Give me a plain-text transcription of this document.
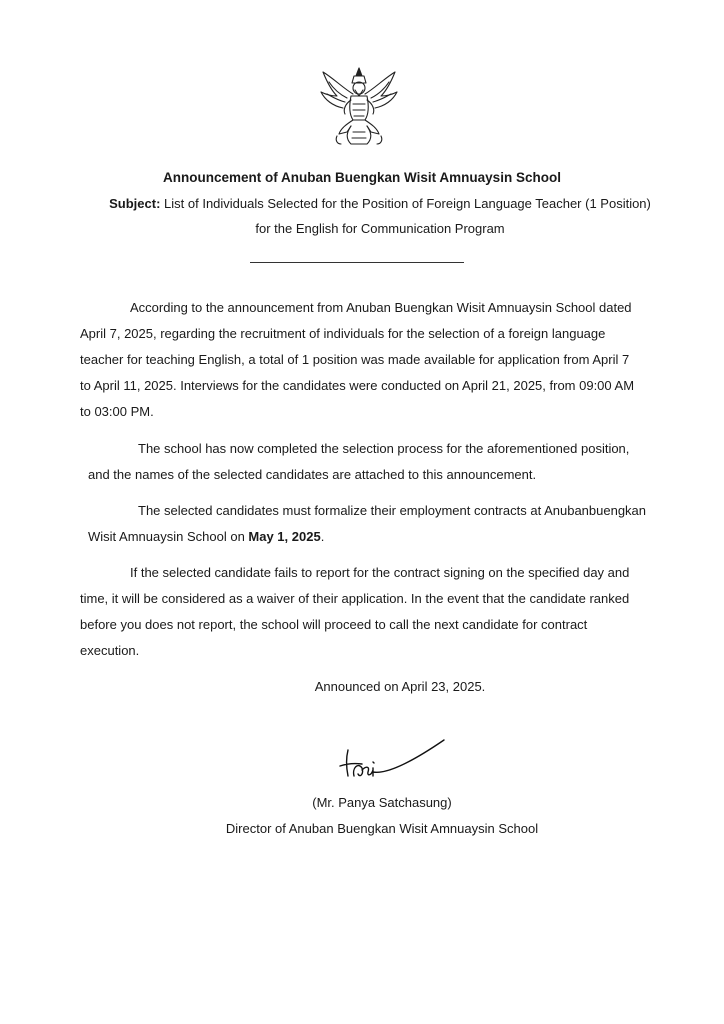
Announcement of Anuban Buengkan Wisit Amnuaysin School
Subject: List of Individuals Selected for the Position of Foreign Language Teacher (1 Position)
for the English for Communication Program

According to the announcement from Anuban Buengkan Wisit Amnuaysin School dated April 7, 2025, regarding the recruitment of individuals for the selection of a foreign language teacher for teaching English, a total of 1 position was made available for application from April 7 to April 11, 2025. Interviews for the candidates were conducted on April 21, 2025, from 09:00 AM to 03:00 PM.

The school has now completed the selection process for the aforementioned position, and the names of the selected candidates are attached to this announcement.

The selected candidates must formalize their employment contracts at Anubanbuengkan Wisit Amnuaysin School on May 1, 2025.

If the selected candidate fails to report for the contract signing on the specified day and time, it will be considered as a waiver of their application. In the event that the candidate ranked before you does not report, the school will proceed to call the next candidate for contract execution.

Announced on April 23, 2025.
(Mr. Panya Satchasung)
Director of Anuban Buengkan Wisit Amnuaysin School
